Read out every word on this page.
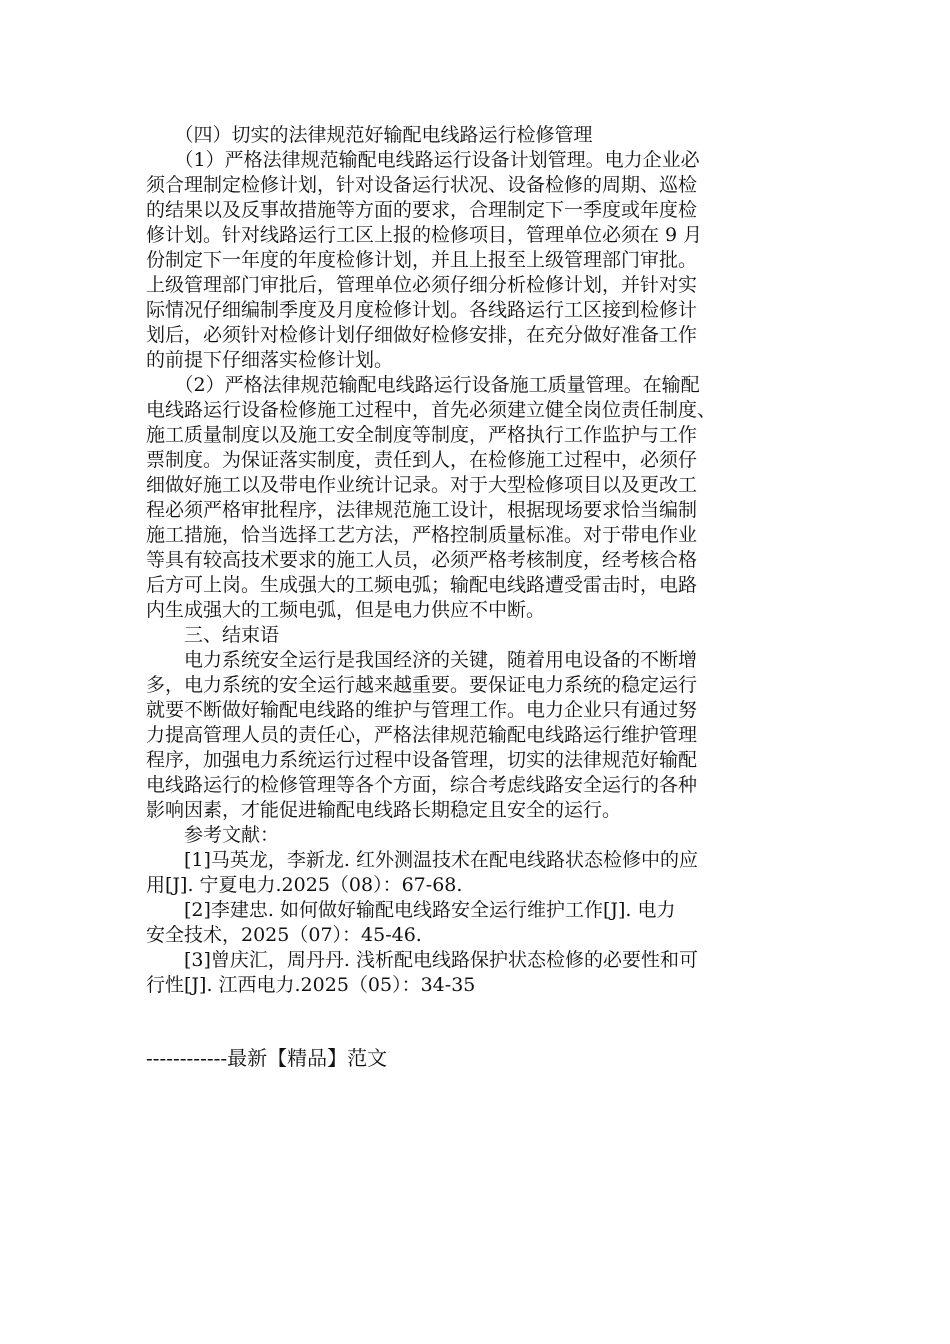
　　（四）切实的法律规范好输配电线路运行检修管理
　　（1）严格法律规范输配电线路运行设备计划管理。电力企业必
须合理制定检修计划，针对设备运行状况、设备检修的周期、巡检
的结果以及反事故措施等方面的要求，合理制定下一季度或年度检
修计划。针对线路运行工区上报的检修项目，管理单位必须在 9 月
份制定下一年度的年度检修计划，并且上报至上级管理部门审批。
上级管理部门审批后，管理单位必须仔细分析检修计划，并针对实
际情况仔细编制季度及月度检修计划。各线路运行工区接到检修计
划后，必须针对检修计划仔细做好检修安排，在充分做好准备工作
的前提下仔细落实检修计划。
　　（2）严格法律规范输配电线路运行设备施工质量管理。在输配
电线路运行设备检修施工过程中，首先必须建立健全岗位责任制度、
施工质量制度以及施工安全制度等制度，严格执行工作监护与工作
票制度。为保证落实制度，责任到人，在检修施工过程中，必须仔
细做好施工以及带电作业统计记录。对于大型检修项目以及更改工
程必须严格审批程序，法律规范施工设计，根据现场要求恰当编制
施工措施，恰当选择工艺方法，严格控制质量标准。对于带电作业
等具有较高技术要求的施工人员，必须严格考核制度，经考核合格
后方可上岗。生成强大的工频电弧；输配电线路遭受雷击时，电路
内生成强大的工频电弧，但是电力供应不中断。
　　三、结束语
　　电力系统安全运行是我国经济的关键，随着用电设备的不断增
多，电力系统的安全运行越来越重要。要保证电力系统的稳定运行
就要不断做好输配电线路的维护与管理工作。电力企业只有通过努
力提高管理人员的责任心，严格法律规范输配电线路运行维护管理
程序，加强电力系统运行过程中设备管理，切实的法律规范好输配
电线路运行的检修管理等各个方面，综合考虑线路安全运行的各种
影响因素，才能促进输配电线路长期稳定且安全的运行。
　　参考文献：
　　[1]马英龙，李新龙. 红外测温技术在配电线路状态检修中的应
用[J]. 宁夏电力.2025（08）：67-68.
　　[2]李建忠. 如何做好输配电线路安全运行维护工作[J]. 电力
安全技术，2025（07）：45-46.
　　[3]曾庆汇，周丹丹. 浅析配电线路保护状态检修的必要性和可
行性[J]. 江西电力.2025（05）：34-35
------------最新【精品】范文
